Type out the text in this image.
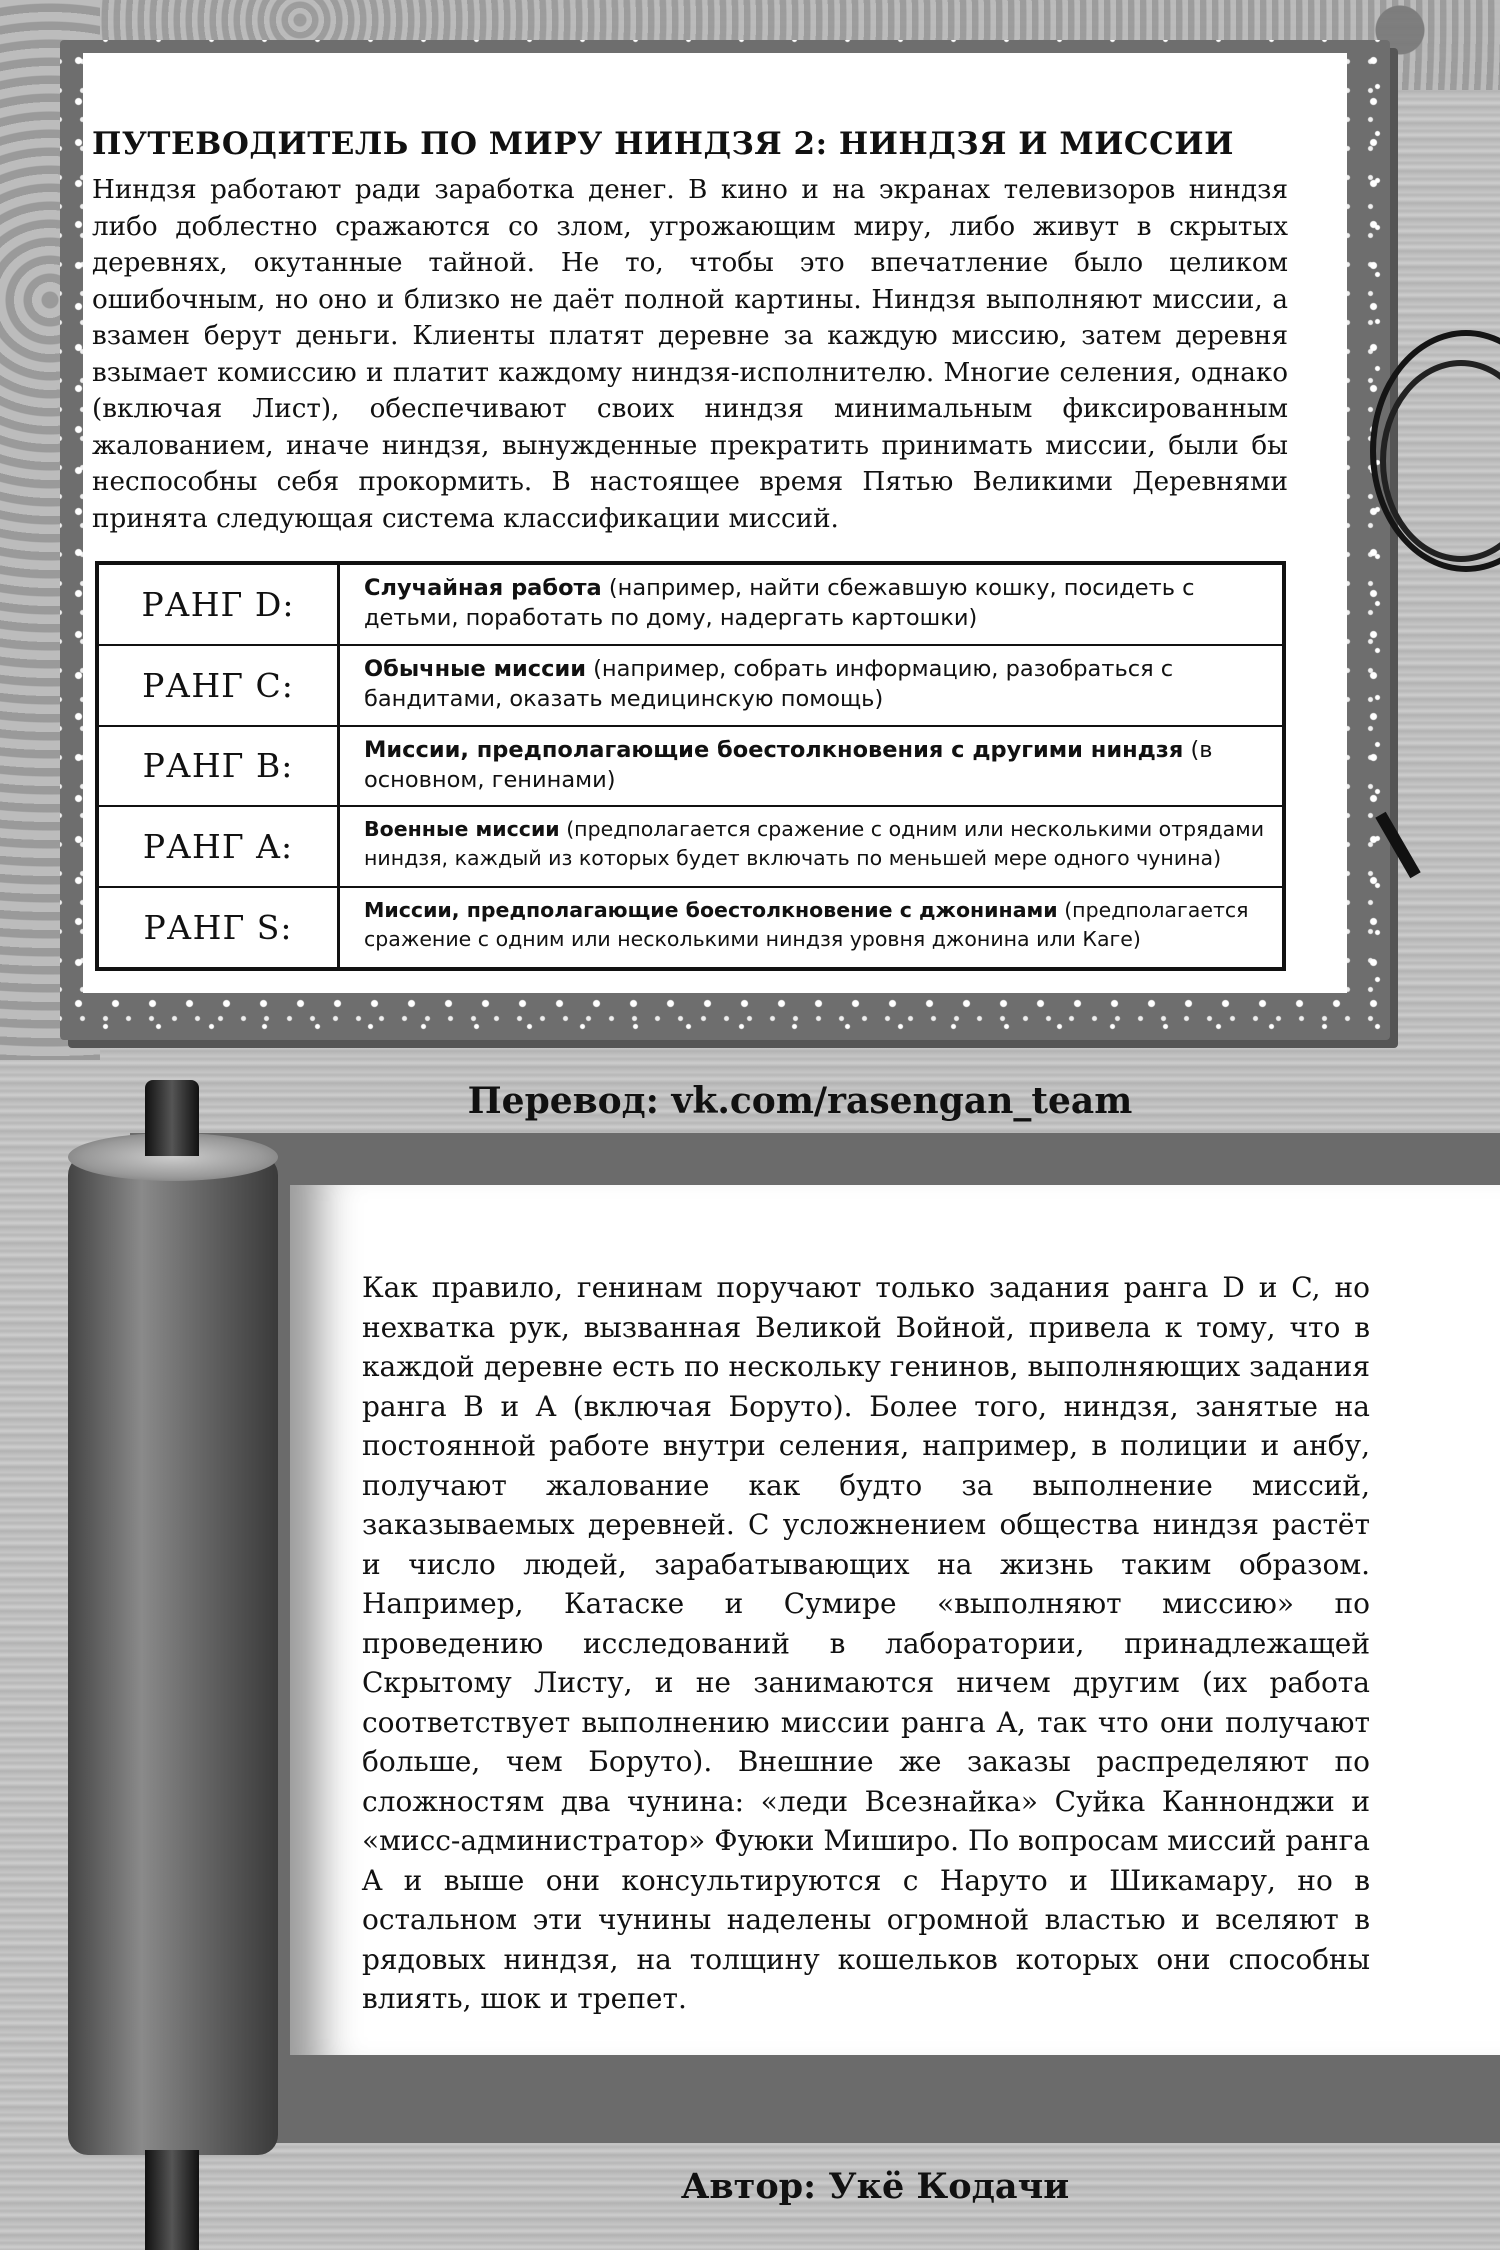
ПУТЕВОДИТЕЛЬ ПО МИРУ НИНДЗЯ 2: НИНДЗЯ И МИССИИ
Ниндзя работают ради заработка денег. В кино и на экранах телевизоров ниндзя либо доблестно сражаются со злом, угрожающим миру, либо живут в скрытых деревнях, окутанные тайной. Не то, чтобы это впечатление было целиком ошибочным, но оно и близко не даёт полной картины. Ниндзя выполняют миссии, а взамен берут деньги. Клиенты платят деревне за каждую миссию, затем деревня взымает комиссию и платит каждому ниндзя-исполнителю. Многие селения, однако (включая Лист), обеспечивают своих ниндзя минимальным фиксированным жалованием, иначе ниндзя, вынужденные прекратить принимать миссии, были бы неспособны себя прокормить. В настоящее время Пятью Великими Деревнями принята следующая система классификации миссий.
РАНГ D:	Случайная работа (например, найти сбежавшую кошку, посидеть с детьми, поработать по дому, надергать картошки)
РАНГ C:	Обычные миссии (например, собрать информацию, разобраться с бандитами, оказать медицинскую помощь)
РАНГ B:	Миссии, предполагающие боестолкновения с другими ниндзя (в основном, генинами)
РАНГ A:	Военные миссии (предполагается сражение с одним или несколькими отрядами ниндзя, каждый из которых будет включать по меньшей мере одного чунина)
РАНГ S:	Миссии, предполагающие боестолкновение с джонинами (предполагается сражение с одним или несколькими ниндзя уровня джонина или Каге)
Перевод: vk.com/rasengan_team
Как правило, генинам поручают только задания ранга D и C, но нехватка рук, вызванная Великой Войной, привела к тому, что в каждой деревне есть по нескольку генинов, выполняющих задания ранга B и A (включая Боруто). Более того, ниндзя, занятые на постоянной работе внутри селения, например, в полиции и анбу, получают жалование как будто за выполнение миссий, заказываемых деревней. С усложнением общества ниндзя растёт и число людей, зарабатывающих на жизнь таким образом. Например, Катаске и Сумире «выполняют миссию» по проведению исследований в лаборатории, принадлежащей Скрытому Листу, и не занимаются ничем другим (их работа соответствует выполнению миссии ранга A, так что они получают больше, чем Боруто). Внешние же заказы распределяют по сложностям два чунина: «леди Всезнайка» Суйка Каннонджи и «мисс-администратор» Фуюки Миширо. По вопросам миссий ранга A и выше они консультируются с Наруто и Шикамару, но в остальном эти чунины наделены огромной властью и вселяют в рядовых ниндзя, на толщину кошельков которых они способны влиять, шок и трепет.
Автор: Укё Кодачи
